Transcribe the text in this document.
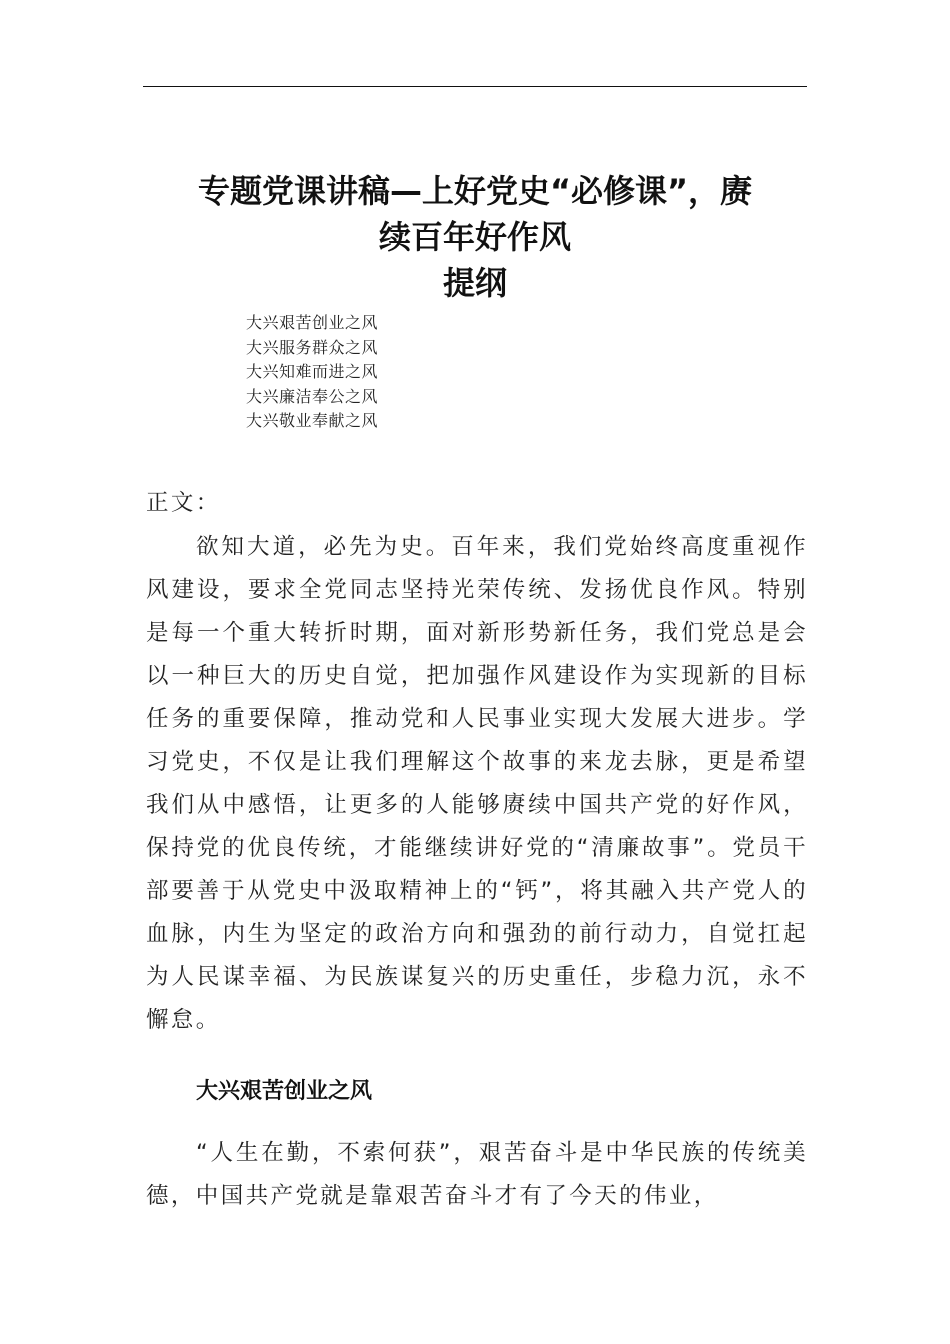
专题党课讲稿—上好党史“必修课”，赓
续百年好作风
提纲
大兴艰苦创业之风
大兴服务群众之风
大兴知难而进之风
大兴廉洁奉公之风
大兴敬业奉献之风
正文：
欲知大道，必先为史。百年来，我们党始终高度重视作风建设，要求全党同志坚持光荣传统、发扬优良作风。特别是每一个重大转折时期，面对新形势新任务，我们党总是会以一种巨大的历史自觉，把加强作风建设作为实现新的目标任务的重要保障，推动党和人民事业实现大发展大进步。学习党史，不仅是让我们理解这个故事的来龙去脉，更是希望我们从中感悟，让更多的人能够赓续中国共产党的好作风，保持党的优良传统，才能继续讲好党的“清廉故事”。党员干部要善于从党史中汲取精神上的“钙”，将其融入共产党人的血脉，内生为坚定的政治方向和强劲的前行动力，自觉扛起为人民谋幸福、为民族谋复兴的历史重任，步稳力沉，永不懈怠。
大兴艰苦创业之风
“人生在勤，不索何获”，艰苦奋斗是中华民族的传统美德，中国共产党就是靠艰苦奋斗才有了今天的伟业，
